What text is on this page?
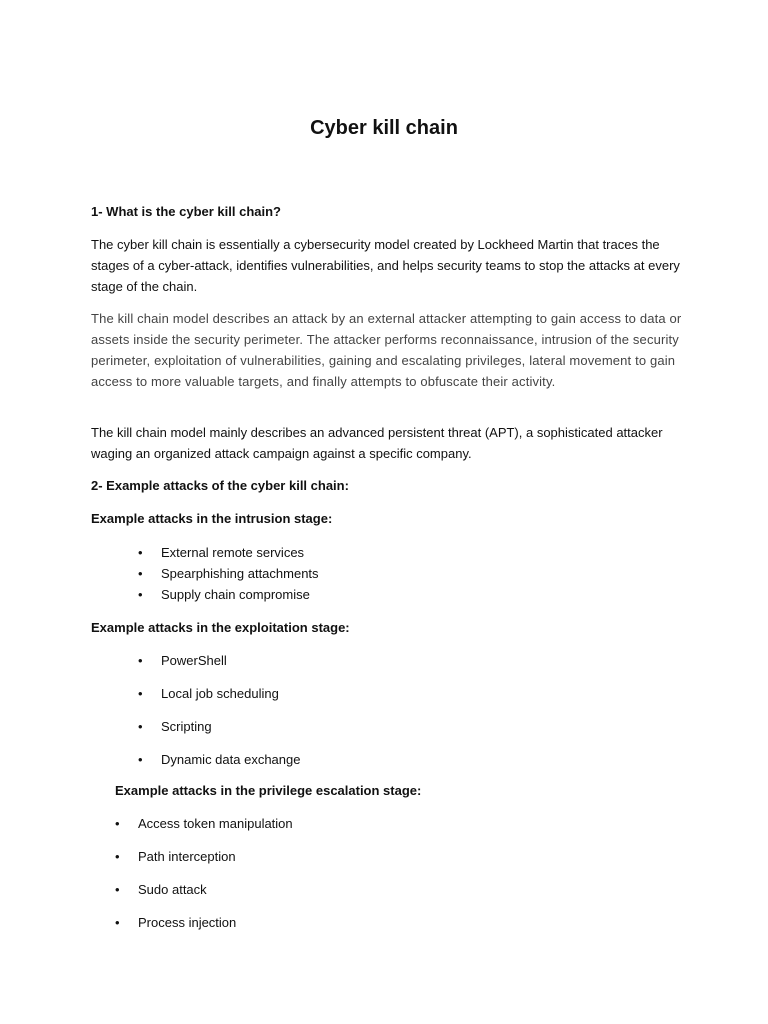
Cyber kill chain

1- What is the cyber kill chain?

The cyber kill chain is essentially a cybersecurity model created by Lockheed Martin that traces the stages of a cyber-attack, identifies vulnerabilities, and helps security teams to stop the attacks at every stage of the chain.

The kill chain model describes an attack by an external attacker attempting to gain access to data or assets inside the security perimeter. The attacker performs reconnaissance, intrusion of the security perimeter, exploitation of vulnerabilities, gaining and escalating privileges, lateral movement to gain access to more valuable targets, and finally attempts to obfuscate their activity.

The kill chain model mainly describes an advanced persistent threat (APT), a sophisticated attacker waging an organized attack campaign against a specific company.

2- Example attacks of the cyber kill chain:

Example attacks in the intrusion stage:

• External remote services
• Spearphishing attachments
• Supply chain compromise

Example attacks in the exploitation stage:

• PowerShell
• Local job scheduling
• Scripting
• Dynamic data exchange

Example attacks in the privilege escalation stage:

• Access token manipulation
• Path interception
• Sudo attack
• Process injection
